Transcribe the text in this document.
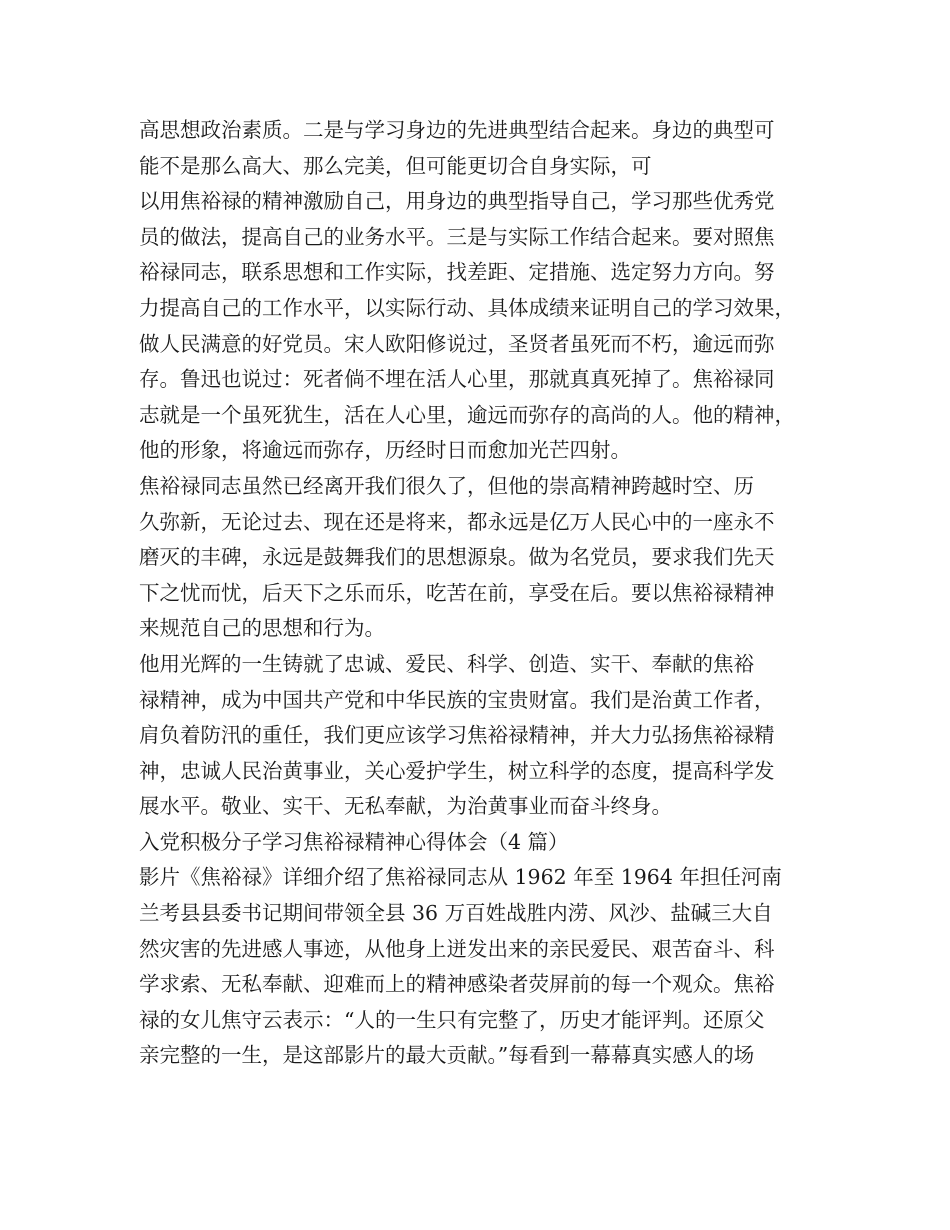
高思想政治素质。二是与学习身边的先进典型结合起来。身边的典型可
能不是那么高大、那么完美，但可能更切合自身实际，可
以用焦裕禄的精神激励自己，用身边的典型指导自己，学习那些优秀党
员的做法，提高自己的业务水平。三是与实际工作结合起来。要对照焦
裕禄同志，联系思想和工作实际，找差距、定措施、选定努力方向。努
力提高自己的工作水平，以实际行动、具体成绩来证明自己的学习效果，
做人民满意的好党员。宋人欧阳修说过，圣贤者虽死而不朽，逾远而弥
存。鲁迅也说过：死者倘不埋在活人心里，那就真真死掉了。焦裕禄同
志就是一个虽死犹生，活在人心里，逾远而弥存的高尚的人。他的精神，
他的形象，将逾远而弥存，历经时日而愈加光芒四射。
焦裕禄同志虽然已经离开我们很久了，但他的崇高精神跨越时空、历
久弥新，无论过去、现在还是将来，都永远是亿万人民心中的一座永不
磨灭的丰碑，永远是鼓舞我们的思想源泉。做为名党员，要求我们先天
下之忧而忧，后天下之乐而乐，吃苦在前，享受在后。要以焦裕禄精神
来规范自己的思想和行为。
他用光辉的一生铸就了忠诚、爱民、科学、创造、实干、奉献的焦裕
禄精神，成为中国共产党和中华民族的宝贵财富。我们是治黄工作者，
肩负着防汛的重任，我们更应该学习焦裕禄精神，并大力弘扬焦裕禄精
神，忠诚人民治黄事业，关心爱护学生，树立科学的态度，提高科学发
展水平。敬业、实干、无私奉献，为治黄事业而奋斗终身。
入党积极分子学习焦裕禄精神心得体会（4 篇）
影片《焦裕禄》详细介绍了焦裕禄同志从 1962 年至 1964 年担任河南
兰考县县委书记期间带领全县 36 万百姓战胜内涝、风沙、盐碱三大自
然灾害的先进感人事迹，从他身上迸发出来的亲民爱民、艰苦奋斗、科
学求索、无私奉献、迎难而上的精神感染者荧屏前的每一个观众。焦裕
禄的女儿焦守云表示：“人的一生只有完整了，历史才能评判。还原父
亲完整的一生，是这部影片的最大贡献。”每看到一幕幕真实感人的场
